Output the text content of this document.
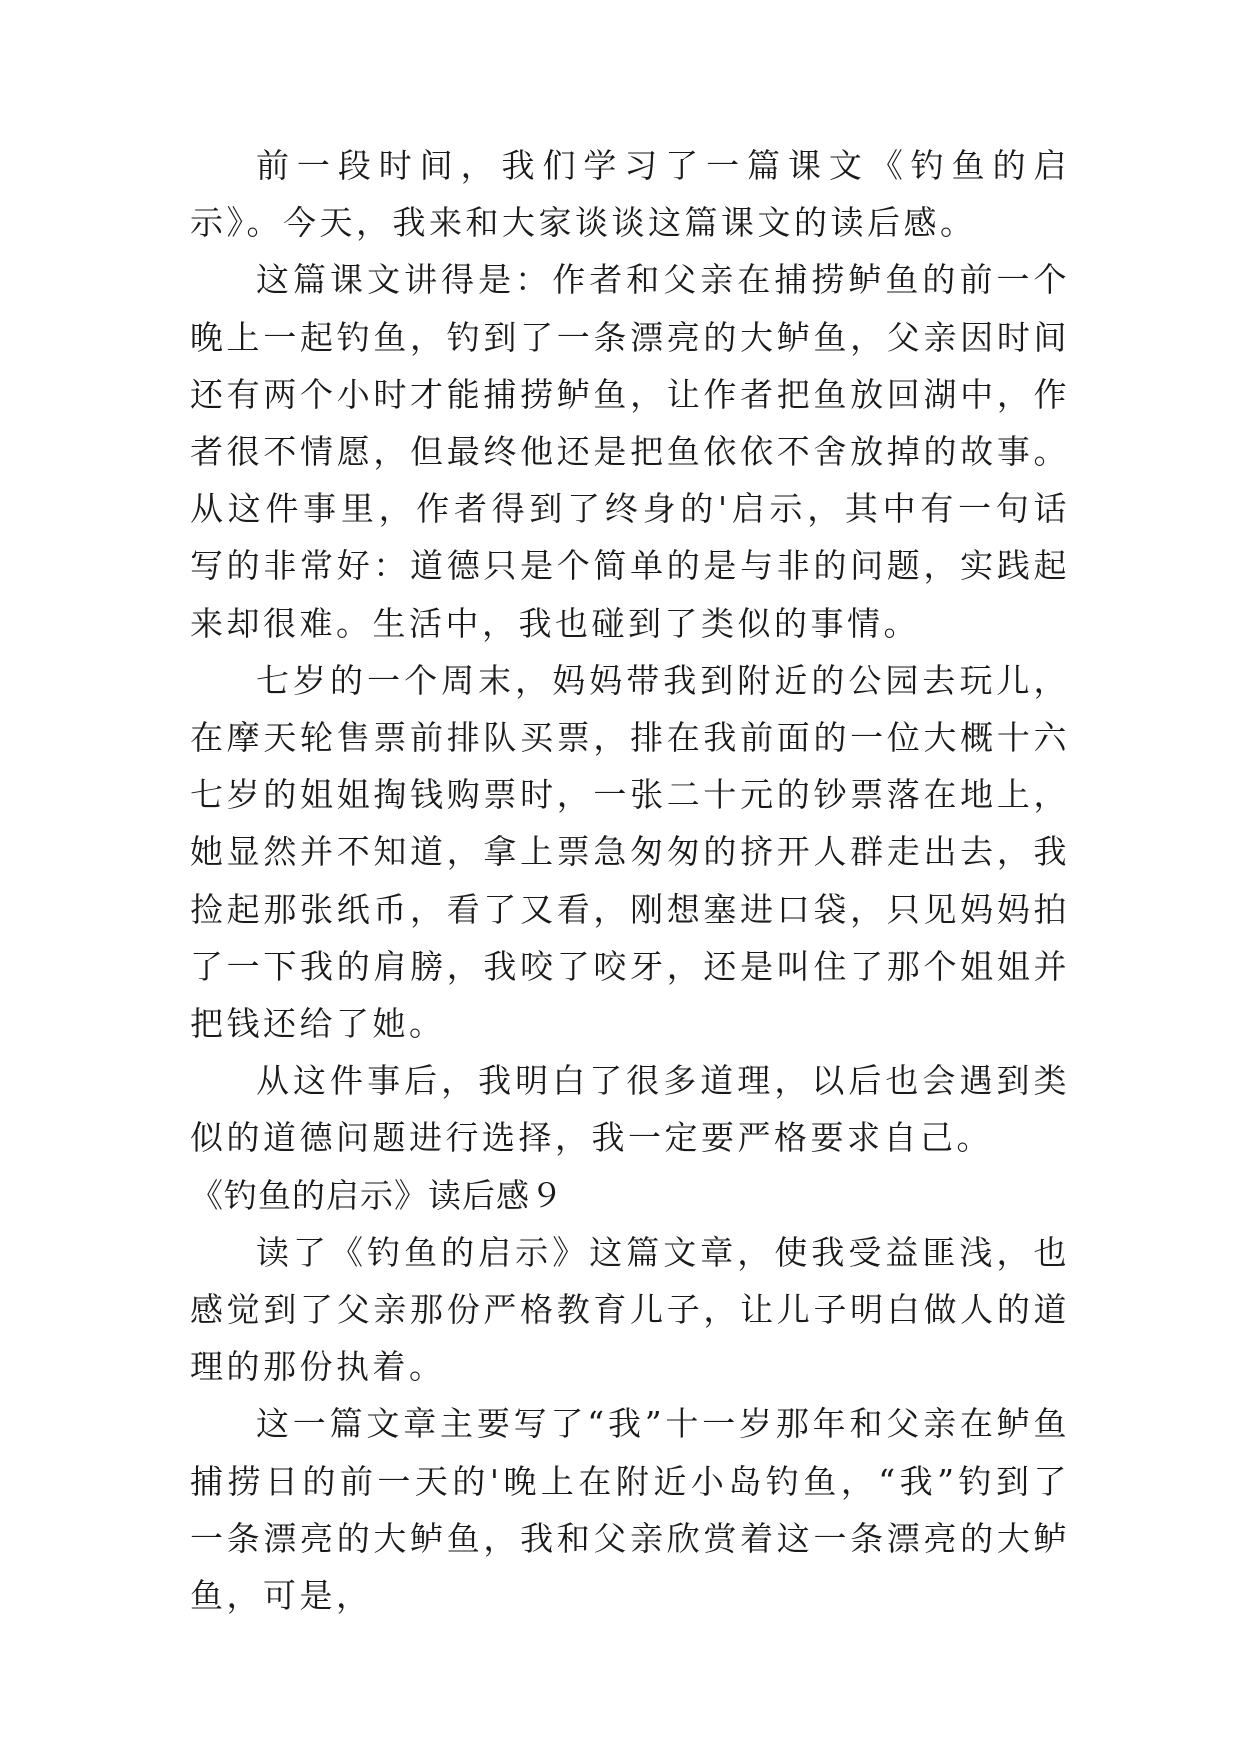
前一段时间，我们学习了一篇课文《钓鱼的启示》。今天，我来和大家谈谈这篇课文的读后感。

这篇课文讲得是：作者和父亲在捕捞鲈鱼的前一个晚上一起钓鱼，钓到了一条漂亮的大鲈鱼，父亲因时间还有两个小时才能捕捞鲈鱼，让作者把鱼放回湖中，作者很不情愿，但最终他还是把鱼依依不舍放掉的故事。从这件事里，作者得到了终身的'启示，其中有一句话写的非常好：道德只是个简单的是与非的问题，实践起来却很难。生活中，我也碰到了类似的事情。

七岁的一个周末，妈妈带我到附近的公园去玩儿，在摩天轮售票前排队买票，排在我前面的一位大概十六七岁的姐姐掏钱购票时，一张二十元的钞票落在地上，她显然并不知道，拿上票急匆匆的挤开人群走出去，我捡起那张纸币，看了又看，刚想塞进口袋，只见妈妈拍了一下我的肩膀，我咬了咬牙，还是叫住了那个姐姐并把钱还给了她。

从这件事后，我明白了很多道理，以后也会遇到类似的道德问题进行选择，我一定要严格要求自己。

《钓鱼的启示》读后感９

读了《钓鱼的启示》这篇文章，使我受益匪浅，也感觉到了父亲那份严格教育儿子，让儿子明白做人的道理的那份执着。

这一篇文章主要写了“我”十一岁那年和父亲在鲈鱼捕捞日的前一天的'晚上在附近小岛钓鱼，“我”钓到了一条漂亮的大鲈鱼，我和父亲欣赏着这一条漂亮的大鲈鱼，可是，
